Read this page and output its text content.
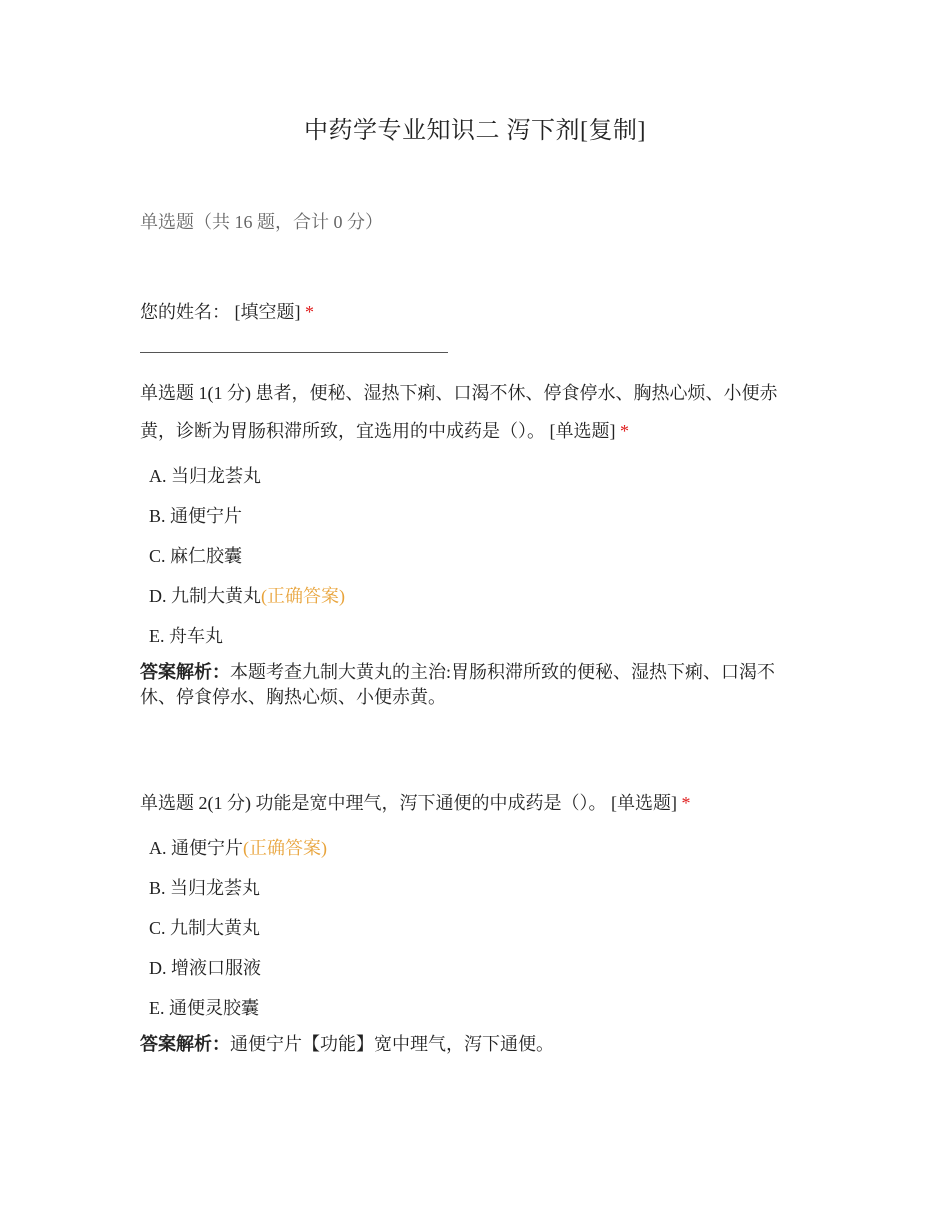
中药学专业知识二 泻下剂[复制]
单选题（共 16 题，合计 0 分）
您的姓名： [填空题] *
单选题 1(1 分) 患者，便秘、湿热下痢、口渴不休、停食停水、胸热心烦、小便赤黄，诊断为胃肠积滞所致，宜选用的中成药是（）。 [单选题] *
A. 当归龙荟丸
B. 通便宁片
C. 麻仁胶囊
D. 九制大黄丸(正确答案)
E. 舟车丸
答案解析：本题考查九制大黄丸的主治:胃肠积滞所致的便秘、湿热下痢、口渴不休、停食停水、胸热心烦、小便赤黄。
单选题 2(1 分) 功能是宽中理气，泻下通便的中成药是（）。 [单选题] *
A. 通便宁片(正确答案)
B. 当归龙荟丸
C. 九制大黄丸
D. 增液口服液
E. 通便灵胶囊
答案解析：通便宁片【功能】宽中理气，泻下通便。
